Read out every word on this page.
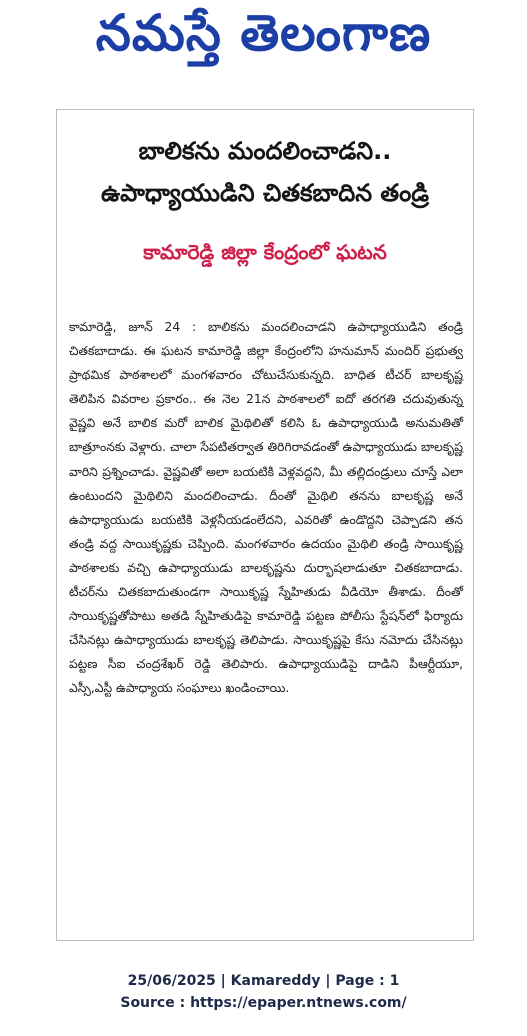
నమస్తే తెలంగాణ
బాలికను మందలించాడని..
ఉపాధ్యాయుడిని చితకబాదిన తండ్రి
కామారెడ్డి జిల్లా కేంద్రంలో ఘటన
కామారెడ్డి, జూన్ 24 : బాలికను మందలించాడని ఉపాధ్యాయుడిని తండ్రి చితకబాదాడు. ఈ ఘటన కామారెడ్డి జిల్లా కేంద్రంలోని హనుమాన్ మందిర్ ప్రభుత్వ ప్రాథమిక పాఠశాలలో మంగళవారం చోటుచేసుకున్నది. బాధిత టీచర్ బాలకృష్ణ తెలిపిన వివరాల ప్రకారం.. ఈ నెల 21న పాఠశాలలో ఐదో తరగతి చదువుతున్న వైష్ణవి అనే బాలిక మరో బాలిక మైథిలితో కలిసి ఓ ఉపాధ్యాయుడి అనుమతితో బాత్రూంనకు వెళ్లారు. చాలా సేపటితర్వాత తిరిగిరావడంతో ఉపాధ్యాయుడు బాలకృష్ణ వారిని ప్రశ్నించాడు. వైష్ణవితో అలా బయటికి వెళ్లవద్దని, మీ తల్లిదండ్రులు చూస్తే ఎలా ఉంటుందని మైథిలిని మందలించాడు. దీంతో మైథిలి తనను బాలకృష్ణ అనే ఉపాధ్యాయుడు బయటికి వెళ్లనీయడంలేదని, ఎవరితో ఉండొద్దని చెప్పాడని తన తండ్రి వద్ద సాయికృష్ణకు చెప్పింది. మంగళవారం ఉదయం మైథిలి తండ్రి సాయికృష్ణ పాఠశాలకు వచ్చి ఉపాధ్యాయుడు బాలకృష్ణను దుర్భాషలాడుతూ చితకబాదాడు. టీచర్‌ను చితకబాదుతుండగా సాయికృష్ణ స్నేహితుడు వీడియో తీశాడు. దీంతో సాయికృష్ణతోపాటు అతడి స్నేహితుడిపై కామారెడ్డి పట్టణ పోలీసు స్టేషన్‌లో ఫిర్యాదు చేసినట్లు ఉపాధ్యాయుడు బాలకృష్ణ తెలిపాడు. సాయికృష్ణపై కేసు నమోదు చేసినట్లు పట్టణ సీఐ చంద్రశేఖర్ రెడ్డి తెలిపారు. ఉపాధ్యాయుడిపై దాడిని పీఆర్టీయూ, ఎస్సీ,ఎస్టీ ఉపాధ్యాయ సంఘాలు ఖండించాయి.
25/06/2025 | Kamareddy | Page : 1
Source : https://epaper.ntnews.com/
